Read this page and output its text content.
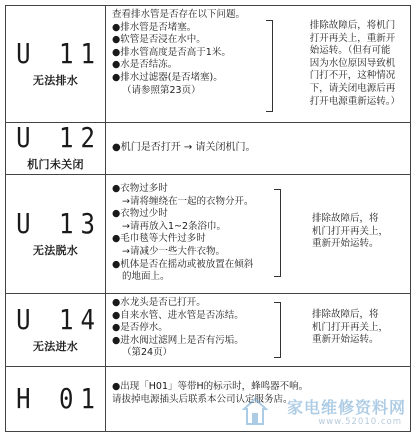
U 11
无法排水
查看排水管是否存在以下问题。
●排水管是否堵塞。
●软管是否浸在水中。
●排水管高度是否高于1米。
●水是否结冻。
●排水过滤器(是否堵塞)。
（请参照第23页）
排除故障后，将机门
打开再关上，重新开
始运转。（但有可能
因为水位原因导致机
门打不开，这种情况
下，请关闭电源后再
打开电源重新运转。）
U 12
机门未关闭
●机门是否打开 → 请关闭机门。
U 13
无法脱水
●衣物过多时
→请将缠绕在一起的衣物分开。
●衣物过少时
→请再放入1~2条浴巾。
●毛巾毯等大件过多时
→请减少一些大件衣物。
●机体是否在摇动或被放置在倾斜
的地面上。
排除故障后，将
机门打开再关上，
重新开始运转。
U 14
无法进水
●水龙头是否已打开。
●自来水管、进水管是否冻结。
●是否停水。
●进水阀过滤网上是否有污垢。
（第24页）
排除故障后，将
机门打开再关上，
重新开始运转。
H 01 ●出现「H01」等带H的标示时，蜂鸣器不响。
请拔掉电源插头后联系本公司认定服务店。
家电维修资料网
www.52010.com
